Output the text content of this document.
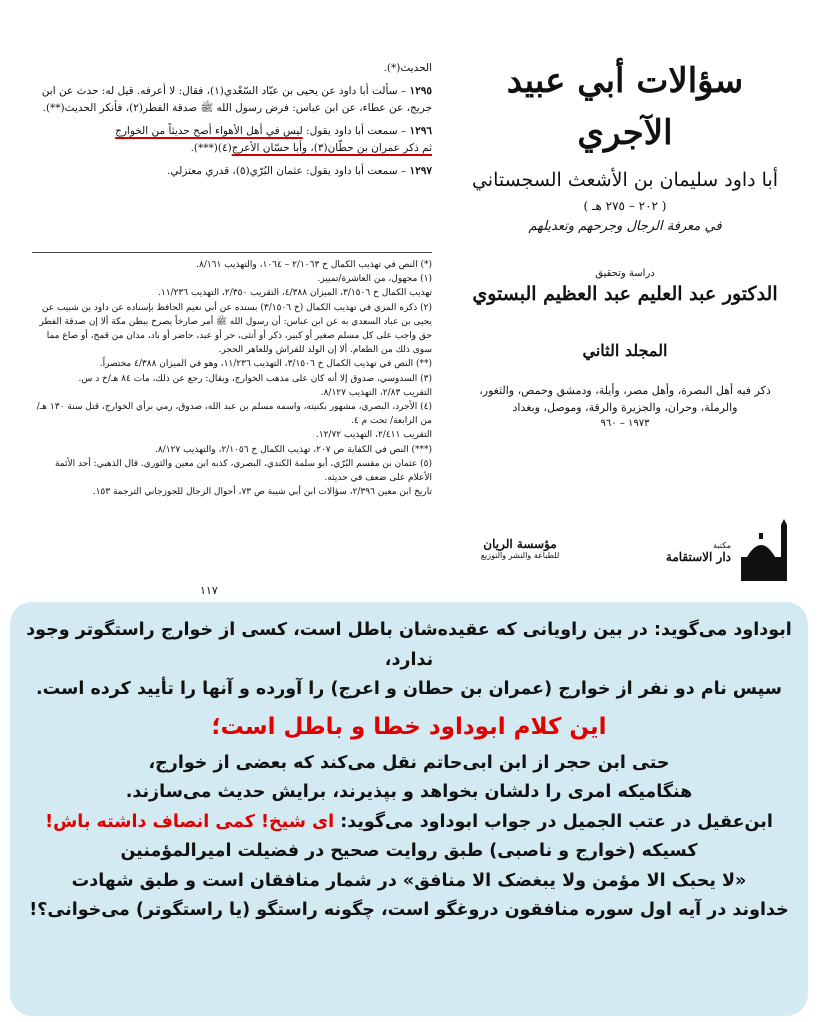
الحديث(*).

١٢٩٥ – سألت أبا داود عن يحيى بن عبّاد السّعْدي(١)، فقال: لا أعرفه. قيل له: حدث عن ابن جريج، عن عطاء، عن ابن عباس: فرض رسول الله ﷺ صدقة الفطر(٢)، فأنكر الحديث(**).

١٢٩٦ – سمعت أبا داود يقول: ليس في أهل الأهواء أصح حديثاً من الخوارج
ثم ذكر عمران بن حطّان(٣)، وأبا حسّان الأعرج(٤)(***).

١٢٩٧ – سمعت أبا داود يقول: عثمان البُرّي(٥)، قدري معتزلي.

(*) النص في تهذيب الكمال خ ٢/١٠٦٣ – ١٠٦٤، والتهذيب ٨/١٦١.

(١) مجهول، من العاشرة/تمييز.

تهذيب الكمال خ ٣/١٥٠٦، الميزان ٤/٣٨٨، التقريب ٢/٣٥٠، التهذيب ١١/٢٣٦.

(٢) ذكره المزي في تهذيب الكمال (خ ٣/١٥٠٦) بسنده عن أبي نعيم الحافظ بإسناده عن داود بن شبيب عن يحيى بن عباد السعدي به عن ابن عباس: أن رسول الله ﷺ أمر صارخاً يصرخ ببطن مكة ألا إن صدقة الفطر حق واجب على كل مسلم صغير أو كبير، ذكر أو أنثى، حر أو عبد، حاضر أو باد، مدان من قمح، أو صاع مما سوى ذلك من الطعام. ألا إن الولد للفراش وللعاهر الحجر.

(**) النص في تهذيب الكمال خ ٣/١٥٠٦، التهذيب ١١/٢٣٦، وهو في الميزان ٤/٣٨٨ مختصراً.

(٣) السدوسي، صدوق إلا أنه كان على مذهب الخوارج، ويقال: رجع عن ذلك، مات ٨٤ هـ/خ د س.

التقريب ٢/٨٣، التهذيب ٨/١٢٧.

(٤) الأجرد، البصري، مشهور بكنيته، واسمه مسلم بن عبد الله، صدوق، رمي برأي الخوارج، قتل سنة ١٣٠ هـ/من الرابعة/ تحت م ٤.

التقريب ٢/٤١١، التهذيب ١٢/٧٢.

(***) النص في الكفاية ص ٢٠٧، تهذيب الكمال خ ٢/١٠٥٦، والتهذيب ٨/١٢٧.

(٥) عثمان بن مقسم البُرّي، أبو سلمة الكندي، البصري، كذبه ابن معين والثوري. قال الذهبي: أحد الأئمة الأعلام على ضعف في حديثه.

تاريخ ابن معين ٢/٣٩٦، سؤالات ابن أبي شيبة ص ٧٣، أحوال الرجال للجوزجاني الترجمة ١٥٣.

١١٧
سؤالات أبي عبيد الآجري
أبا داود سليمان بن الأشعث السجستاني
( ٢٠٢ – ٢٧٥ هـ )
في معرفة الرجال وجرحهم وتعديلهم
دراسة وتحقيق
الدكتور عبد العليم عبد العظيم البستوي
المجلد الثاني
ذكر فيه أهل البصرة، وأهل مصر، وأيلة، ودمشق وحمص، والثغور، والرملة، وحران، والجزيرة والرقة، وموصل، وبغداد
١٩٧٣ – ٩٦٠
مؤسسة الريان
للطباعة والنشر والتوزيع
مكتبة
دار الاستقامة

ابوداود می‌گوید: در بین راویانی که عقیده‌شان باطل است، کسی از خوارج راستگوتر وجود ندارد،

سپس نام دو نفر از خوارج (عمران بن حطان و اعرج) را آورده و آنها را تأیید کرده است.

این کلام ابوداود خطا و باطل است؛

حتی ابن حجر از ابن ابی‌حاتم نقل می‌کند که بعضی از خوارج،

هنگامیکه امری را دلشان بخواهد و بپذیرند، برایش حدیث می‌سازند.

ابن‌عقیل در عتب الجمیل در جواب ابوداود می‌گوید: ای شیخ! کمی انصاف داشته باش!

کسیکه (خوارج و ناصبی) طبق روایت صحیح در فضیلت امیرالمؤمنین

«لا یحبک الا مؤمن ولا یبغضک الا منافق» در شمار منافقان است و طبق شهادت

خداوند در آیه اول سوره منافقون دروغگو است، چگونه راستگو (یا راستگوتر) می‌خوانی؟!
